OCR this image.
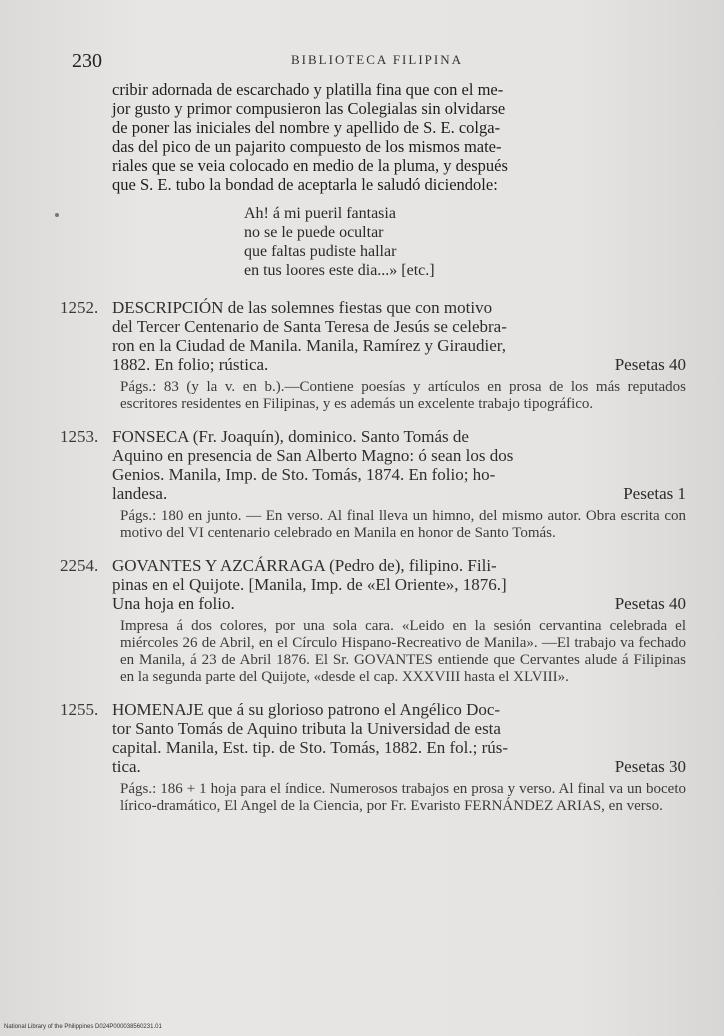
230	BIBLIOTECA FILIPINA
cribir adornada de escarchado y platilla fina que con el me-
jor gusto y primor compusieron las Colegialas sin olvidarse
de poner las iniciales del nombre y apellido de S. E. colga-
das del pico de un pajarito compuesto de los mismos mate-
riales que se veia colocado en medio de la pluma, y después
que S. E. tubo la bondad de aceptarla le saludó diciendole:
Ah! á mi pueril fantasia
no se le puede ocultar
que faltas pudiste hallar
en tus loores este dia...» [etc.]
1252. DESCRIPCIÓN de las solemnes fiestas que con motivo
del Tercer Centenario de Santa Teresa de Jesús se celebra-
ron en la Ciudad de Manila. Manila, Ramírez y Giraudier,
1882. En folio; rústica.	Pesetas 40
Págs.: 83 (y la v. en b.).—Contiene poesías y artículos en prosa de los más reputados escritores residentes en Filipinas, y es además un excelente trabajo tipográfico.
1253. FONSECA (Fr. Joaquín), dominico. Santo Tomás de
Aquino en presencia de San Alberto Magno: ó sean los dos
Genios. Manila, Imp. de Sto. Tomás, 1874. En folio; ho-
landesa.	Pesetas 1
Págs.: 180 en junto. — En verso. Al final lleva un himno, del mismo autor. Obra escrita con motivo del VI centenario celebrado en Manila en honor de Santo Tomás.
2254. GOVANTES Y AZCÁRRAGA (Pedro de), filipino. Fili-
pinas en el Quijote. [Manila, Imp. de «El Oriente», 1876.]
Una hoja en folio.	Pesetas 40
Impresa á dos colores, por una sola cara. «Leido en la sesión cervantina celebrada el miércoles 26 de Abril, en el Círculo Hispano-Recreativo de Manila». —El trabajo va fechado en Manila, á 23 de Abril 1876. El Sr. GOVANTES entiende que Cervantes alude á Filipinas en la segunda parte del Quijote, «desde el cap. XXXVIII hasta el XLVIII».
1255. HOMENAJE que á su glorioso patrono el Angélico Doc-
tor Santo Tomás de Aquino tributa la Universidad de esta
capital. Manila, Est. tip. de Sto. Tomás, 1882. En fol.; rús-
tica.	Pesetas 30
Págs.: 186 + 1 hoja para el índice. Numerosos trabajos en prosa y verso. Al final va un boceto lírico-dramático, El Angel de la Ciencia, por Fr. Evaristo FERNÁNDEZ ARIAS, en verso.
National Library of the Philippines D024P000038560231.01
